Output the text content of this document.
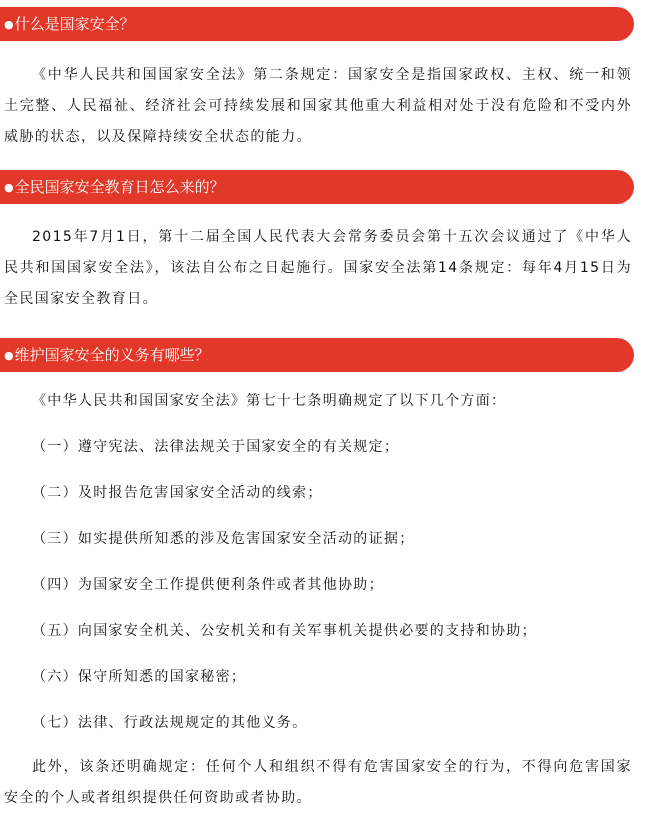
●什么是国家安全？

《中华人民共和国国家安全法》第二条规定：国家安全是指国家政权、主权、统一和领土完整、人民福祉、经济社会可持续发展和国家其他重大利益相对处于没有危险和不受内外威胁的状态，以及保障持续安全状态的能力。

●全民国家安全教育日怎么来的？

2015年7月1日，第十二届全国人民代表大会常务委员会第十五次会议通过了《中华人民共和国国家安全法》，该法自公布之日起施行。国家安全法第14条规定：每年4月15日为全民国家安全教育日。

●维护国家安全的义务有哪些？

《中华人民共和国国家安全法》第七十七条明确规定了以下几个方面：

（一）遵守宪法、法律法规关于国家安全的有关规定；

（二）及时报告危害国家安全活动的线索；

（三）如实提供所知悉的涉及危害国家安全活动的证据；

（四）为国家安全工作提供便利条件或者其他协助；

（五）向国家安全机关、公安机关和有关军事机关提供必要的支持和协助；

（六）保守所知悉的国家秘密；

（七）法律、行政法规规定的其他义务。

此外，该条还明确规定：任何个人和组织不得有危害国家安全的行为，不得向危害国家安全的个人或者组织提供任何资助或者协助。
